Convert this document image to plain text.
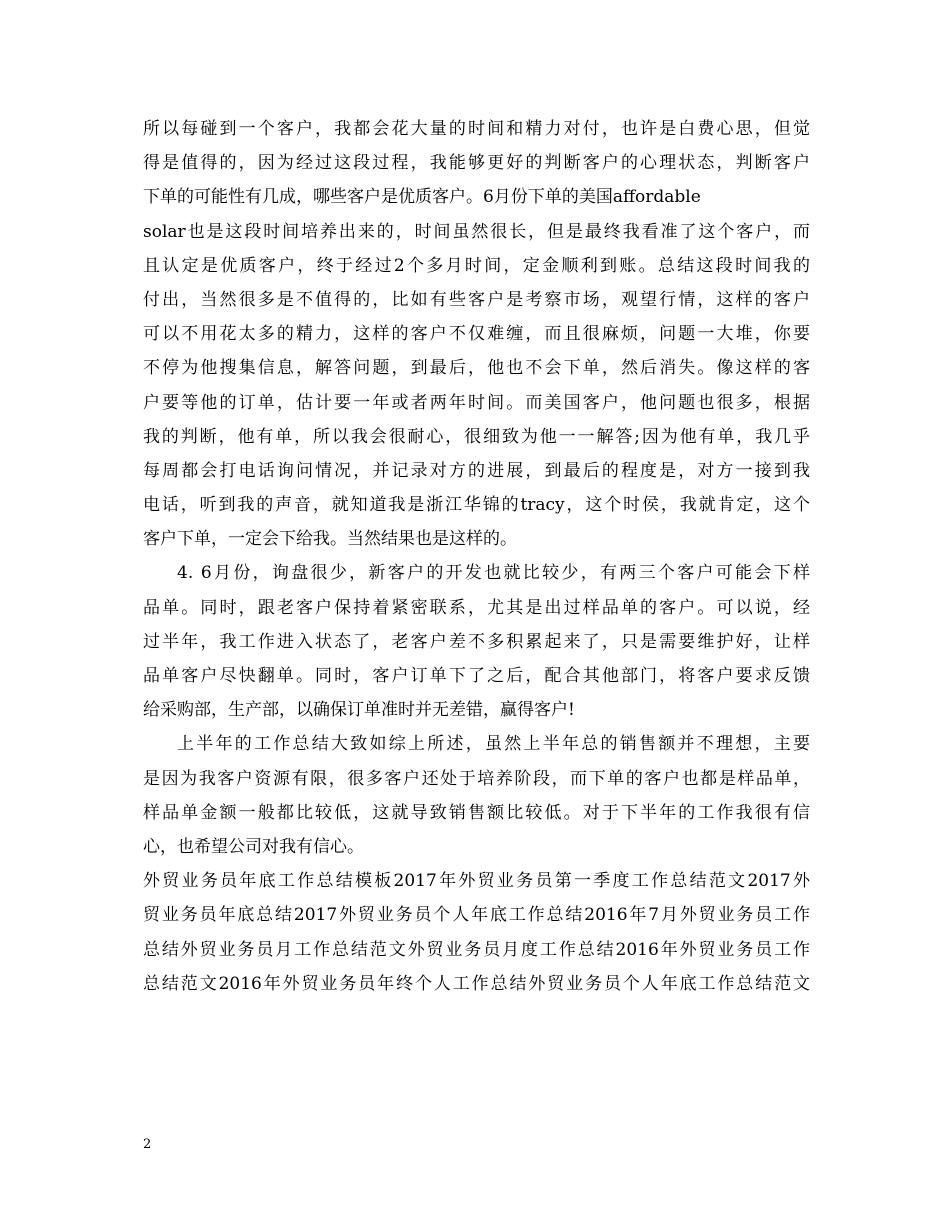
所以每碰到一个客户，我都会花大量的时间和精力对付，也许是白费心思，但觉
得是值得的，因为经过这段过程，我能够更好的判断客户的心理状态，判断客户
下单的可能性有几成，哪些客户是优质客户。6月份下单的美国affordable
solar也是这段时间培养出来的，时间虽然很长，但是最终我看准了这个客户，而
且认定是优质客户，终于经过2个多月时间，定金顺利到账。总结这段时间我的
付出，当然很多是不值得的，比如有些客户是考察市场，观望行情，这样的客户
可以不用花太多的精力，这样的客户不仅难缠，而且很麻烦，问题一大堆，你要
不停为他搜集信息，解答问题，到最后，他也不会下单，然后消失。像这样的客
户要等他的订单，估计要一年或者两年时间。而美国客户，他问题也很多，根据
我的判断，他有单，所以我会很耐心，很细致为他一一解答;因为他有单，我几乎
每周都会打电话询问情况，并记录对方的进展，到最后的程度是，对方一接到我
电话，听到我的声音，就知道我是浙江华锦的tracy，这个时侯，我就肯定，这个
客户下单，一定会下给我。当然结果也是这样的。
4. 6月份，询盘很少，新客户的开发也就比较少，有两三个客户可能会下样
品单。同时，跟老客户保持着紧密联系，尤其是出过样品单的客户。可以说，经
过半年，我工作进入状态了，老客户差不多积累起来了，只是需要维护好，让样
品单客户尽快翻单。同时，客户订单下了之后，配合其他部门，将客户要求反馈
给采购部，生产部，以确保订单准时并无差错，赢得客户!
上半年的工作总结大致如综上所述，虽然上半年总的销售额并不理想，主要
是因为我客户资源有限，很多客户还处于培养阶段，而下单的客户也都是样品单，
样品单金额一般都比较低，这就导致销售额比较低。对于下半年的工作我很有信
心，也希望公司对我有信心。
外贸业务员年底工作总结模板2017年外贸业务员第一季度工作总结范文2017外
贸业务员年底总结2017外贸业务员个人年底工作总结2016年7月外贸业务员工作
总结外贸业务员月工作总结范文外贸业务员月度工作总结2016年外贸业务员工作
总结范文2016年外贸业务员年终个人工作总结外贸业务员个人年底工作总结范文
2
